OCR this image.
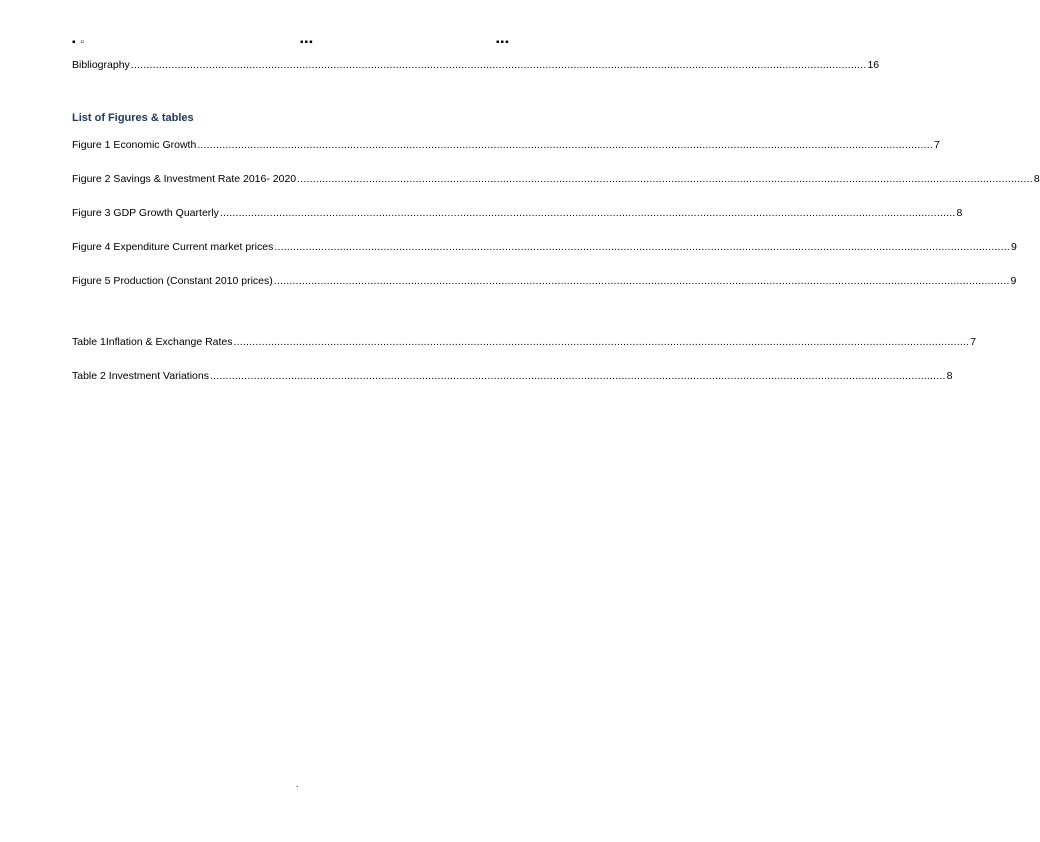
▪ ▫	▪▪▪	▪▪▪
Bibliography .....	16
List of Figures & tables
Figure 1 Economic Growth .....	7
Figure 2 Savings & Investment Rate 2016- 2020 .....	8
Figure 3 GDP Growth Quarterly .....	8
Figure 4 Expenditure Current market prices .....	9
Figure 5 Production (Constant 2010 prices) .....	9
Table 1Inflation & Exchange Rates .....	7
Table 2 Investment Variations .....	8
.
